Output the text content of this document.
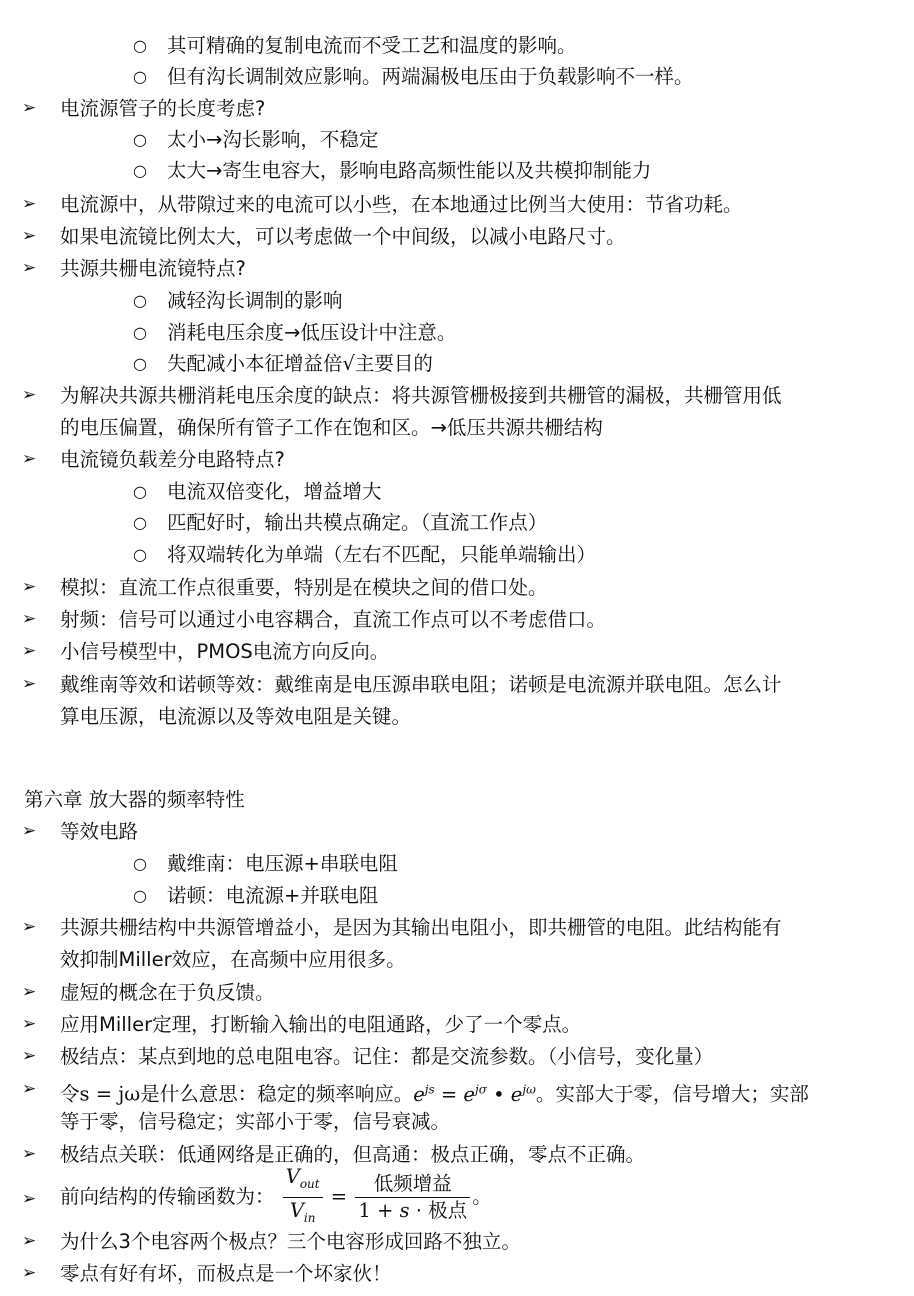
○ 其可精确的复制电流而不受工艺和温度的影响。
○ 但有沟长调制效应影响。两端漏极电压由于负载影响不一样。
➢	电流源管子的长度考虑?
○ 太小→沟长影响，不稳定
○ 太大→寄生电容大，影响电路高频性能以及共模抑制能力
➢	电流源中，从带隙过来的电流可以小些，在本地通过比例当大使用：节省功耗。
➢	如果电流镜比例太大，可以考虑做一个中间级，以减小电路尺寸。
➢	共源共栅电流镜特点?
○ 减轻沟长调制的影响
○ 消耗电压余度→低压设计中注意。
○ 失配减小本征增益倍√主要目的
➢	为解决共源共栅消耗电压余度的缺点：将共源管栅极接到共栅管的漏极，共栅管用低
的电压偏置，确保所有管子工作在饱和区。→低压共源共栅结构
➢	电流镜负载差分电路特点?
○ 电流双倍变化，增益增大
○ 匹配好时，输出共模点确定。（直流工作点）
○ 将双端转化为单端（左右不匹配，只能单端输出）
➢	模拟：直流工作点很重要，特别是在模块之间的借口处。
➢	射频：信号可以通过小电容耦合，直流工作点可以不考虑借口。
➢	小信号模型中，PMOS电流方向反向。
➢	戴维南等效和诺顿等效：戴维南是电压源串联电阻；诺顿是电流源并联电阻。怎么计
算电压源，电流源以及等效电阻是关键。
第六章 放大器的频率特性
➢	等效电路
○ 戴维南：电压源+串联电阻
○ 诺顿：电流源+并联电阻
➢	共源共栅结构中共源管增益小，是因为其输出电阻小，即共栅管的电阻。此结构能有
效抑制Miller效应，在高频中应用很多。
➢	虚短的概念在于负反馈。
➢	应用Miller定理，打断输入输出的电阻通路，少了一个零点。
➢	极结点：某点到地的总电阻电容。记住：都是交流参数。（小信号，变化量）
➢	令s = jω是什么意思：稳定的频率响应。$e^{js} = e^{j\sigma}$ • $e^{j\omega}$。实部大于零，信号增大；实部
等于零，信号稳定；实部小于零，信号衰减。
➢	极结点关联：低通网络是正确的，但高通：极点正确，零点不正确。
➢	前向结构的传输函数为： $\frac{V_{out}}{V_{in}} = \frac{\text{低频增益}}{\text{1 + s · 极点}}$ 。
➢	为什么3个电容两个极点？三个电容形成回路不独立。
➢	零点有好有坏，而极点是一个坏家伙！
